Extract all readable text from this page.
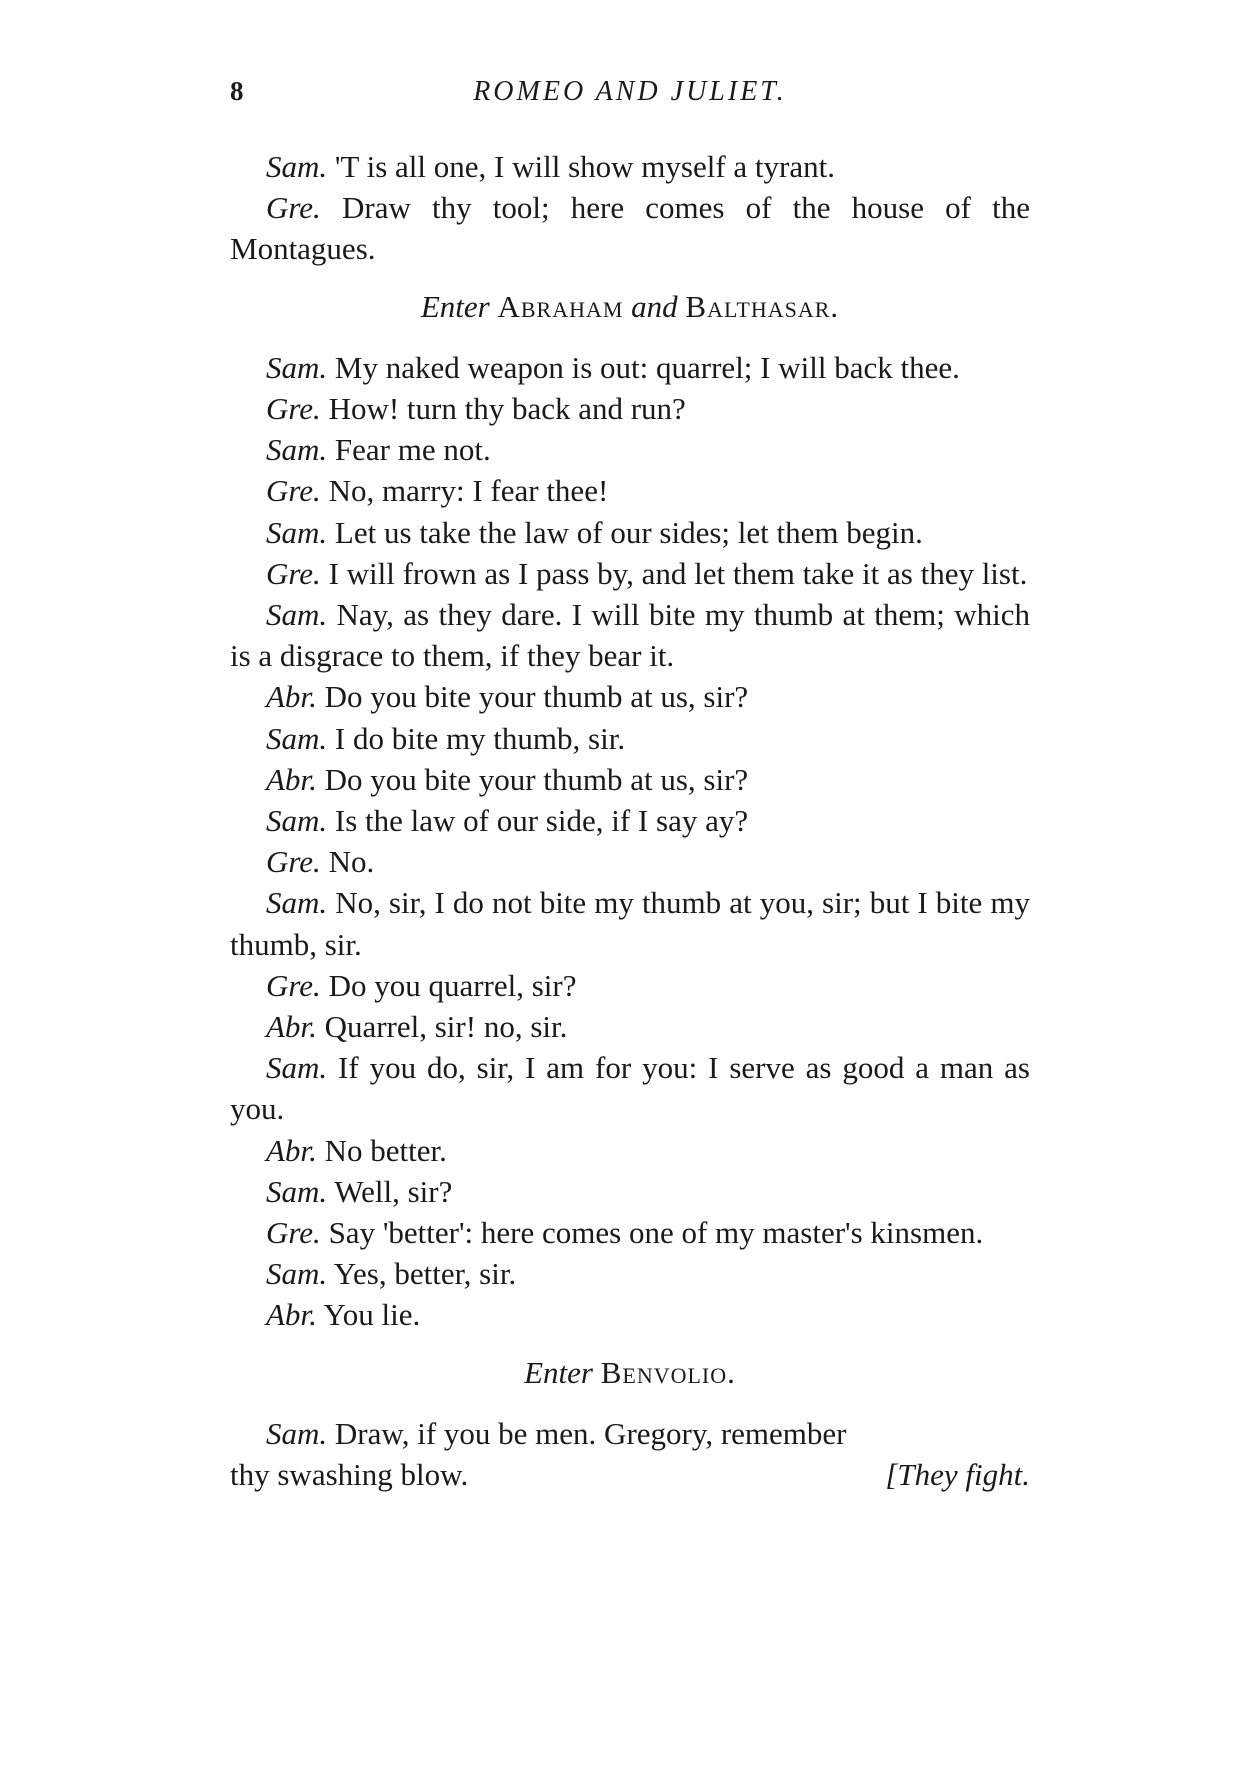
8	ROMEO AND JULIET.

Sam. 'T is all one, I will show myself a tyrant.

Gre. Draw thy tool; here comes of the house of the Montagues.

Enter Abraham and Balthasar.

Sam. My naked weapon is out: quarrel; I will back thee.

Gre. How! turn thy back and run?

Sam. Fear me not.

Gre. No, marry: I fear thee!

Sam. Let us take the law of our sides; let them begin.

Gre. I will frown as I pass by, and let them take it as they list.

Sam. Nay, as they dare. I will bite my thumb at them; which is a disgrace to them, if they bear it.

Abr. Do you bite your thumb at us, sir?

Sam. I do bite my thumb, sir.

Abr. Do you bite your thumb at us, sir?

Sam. Is the law of our side, if I say ay?

Gre. No.

Sam. No, sir, I do not bite my thumb at you, sir; but I bite my thumb, sir.

Gre. Do you quarrel, sir?

Abr. Quarrel, sir! no, sir.

Sam. If you do, sir, I am for you: I serve as good a man as you.

Abr. No better.

Sam. Well, sir?

Gre. Say 'better': here comes one of my master's kinsmen.

Sam. Yes, better, sir.

Abr. You lie.

Enter Benvolio.

Sam. Draw, if you be men. Gregory, remember

thy swashing blow.	[They fight.
